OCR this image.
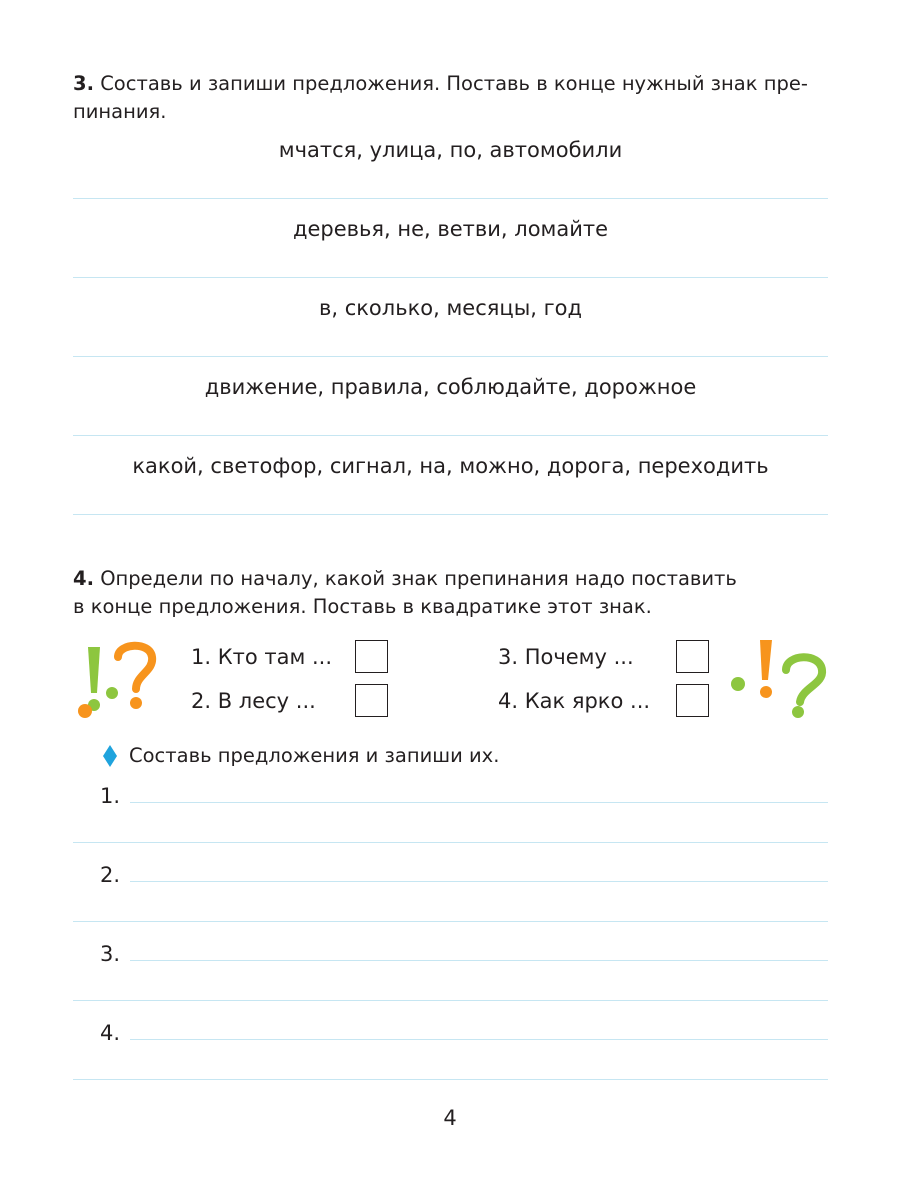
3. Составь и запиши предложения. Поставь в конце нужный знак пре-
пинания.
мчатся, улица, по, автомобили
деревья, не, ветви, ломайте
в, сколько, месяцы, год
движение, правила, соблюдайте, дорожное
какой, светофор, сигнал, на, можно, дорога, переходить
4. Определи по началу, какой знак препинания надо поставить
в конце предложения. Поставь в квадратике этот знак.
1. Кто там ...
2. В лесу ...
3. Почему ...
4. Как ярко ...
Составь предложения и запиши их.
1.
2.
3.
4.
4
